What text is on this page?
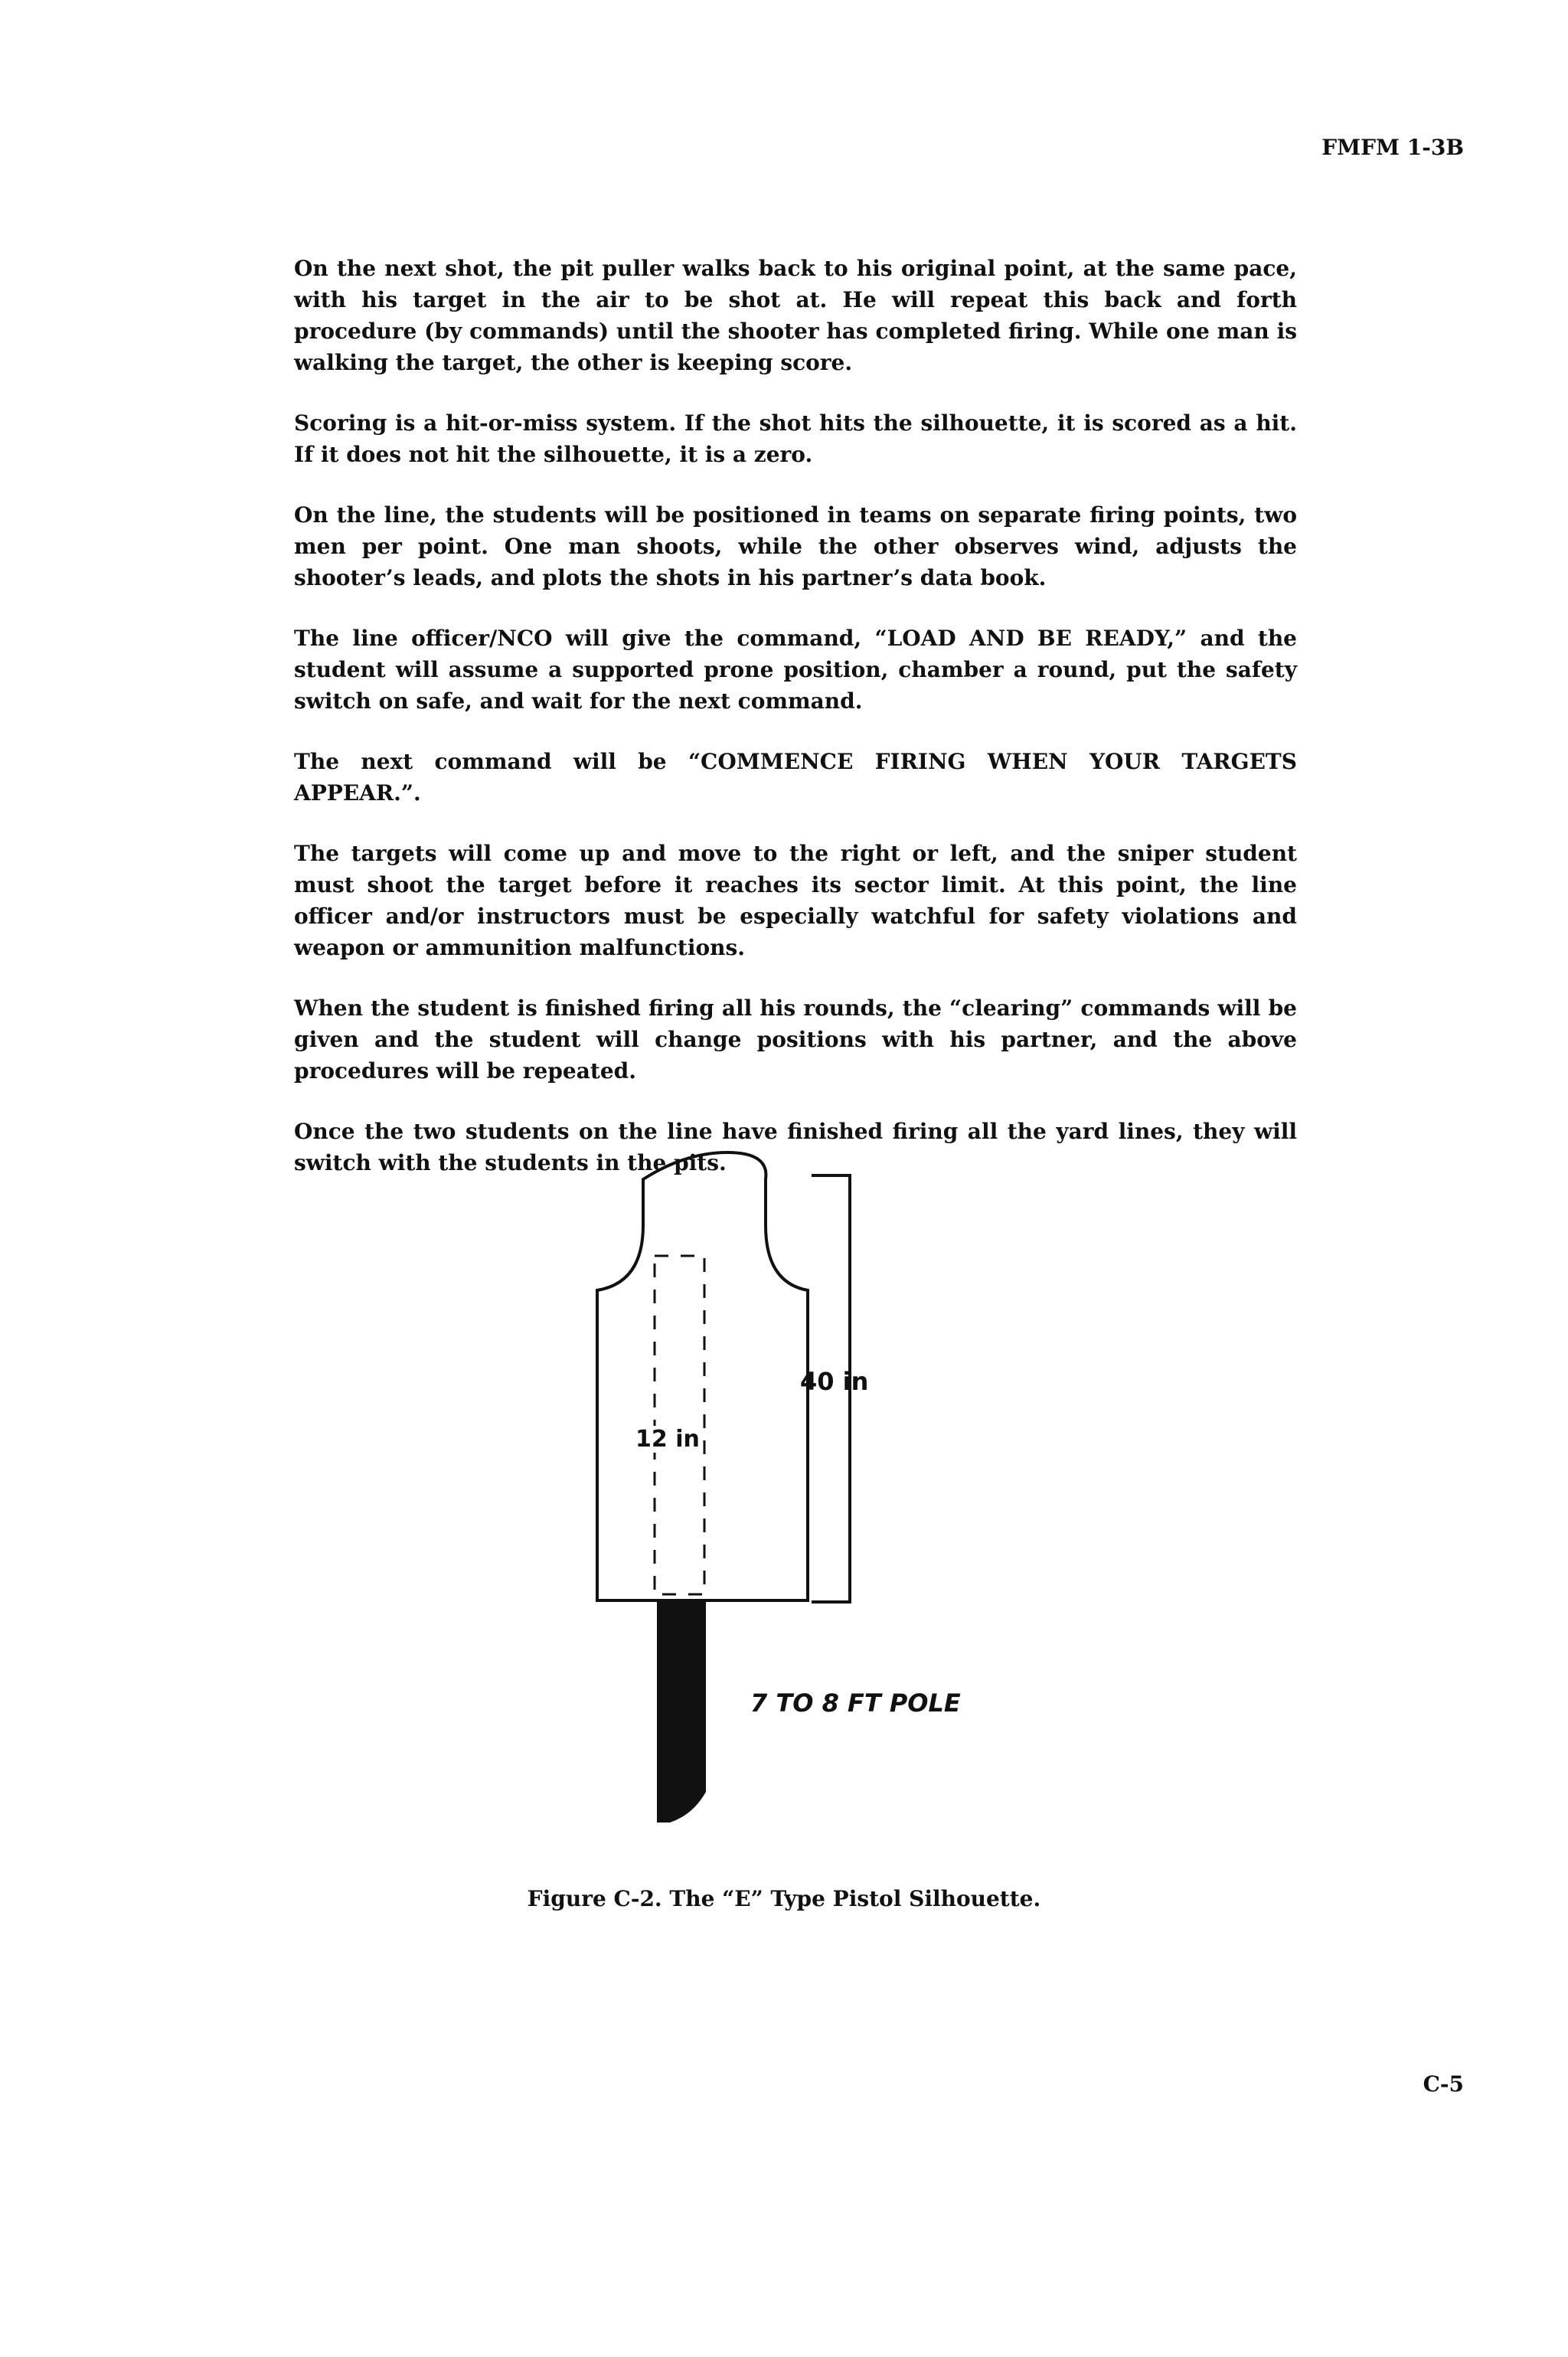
FMFM 1-3B

On the next shot, the pit puller walks back to his original point, at the same pace, with his target in the air to be shot at. He will repeat this back and forth procedure (by commands) until the shooter has completed firing. While one man is walking the target, the other is keeping score.

Scoring is a hit-or-miss system. If the shot hits the silhouette, it is scored as a hit. If it does not hit the silhouette, it is a zero.

On the line, the students will be positioned in teams on separate firing points, two men per point. One man shoots, while the other observes wind, adjusts the shooter’s leads, and plots the shots in his partner’s data book.

The line officer/NCO will give the command, “LOAD AND BE READY,” and the student will assume a supported prone position, chamber a round, put the safety switch on safe, and wait for the next command.

The next command will be “COMMENCE FIRING WHEN YOUR TARGETS APPEAR.”.

The targets will come up and move to the right or left, and the sniper student must shoot the target before it reaches its sector limit. At this point, the line officer and/or instructors must be especially watchful for safety violations and weapon or ammunition malfunctions.

When the student is finished firing all his rounds, the “clearing” commands will be given and the student will change positions with his partner, and the above procedures will be repeated.

Once the two students on the line have finished firing all the yard lines, they will switch with the students in the pits.

40 in

12 in

7 TO 8 FT POLE

Figure C-2. The “E” Type Pistol Silhouette.

C-5
